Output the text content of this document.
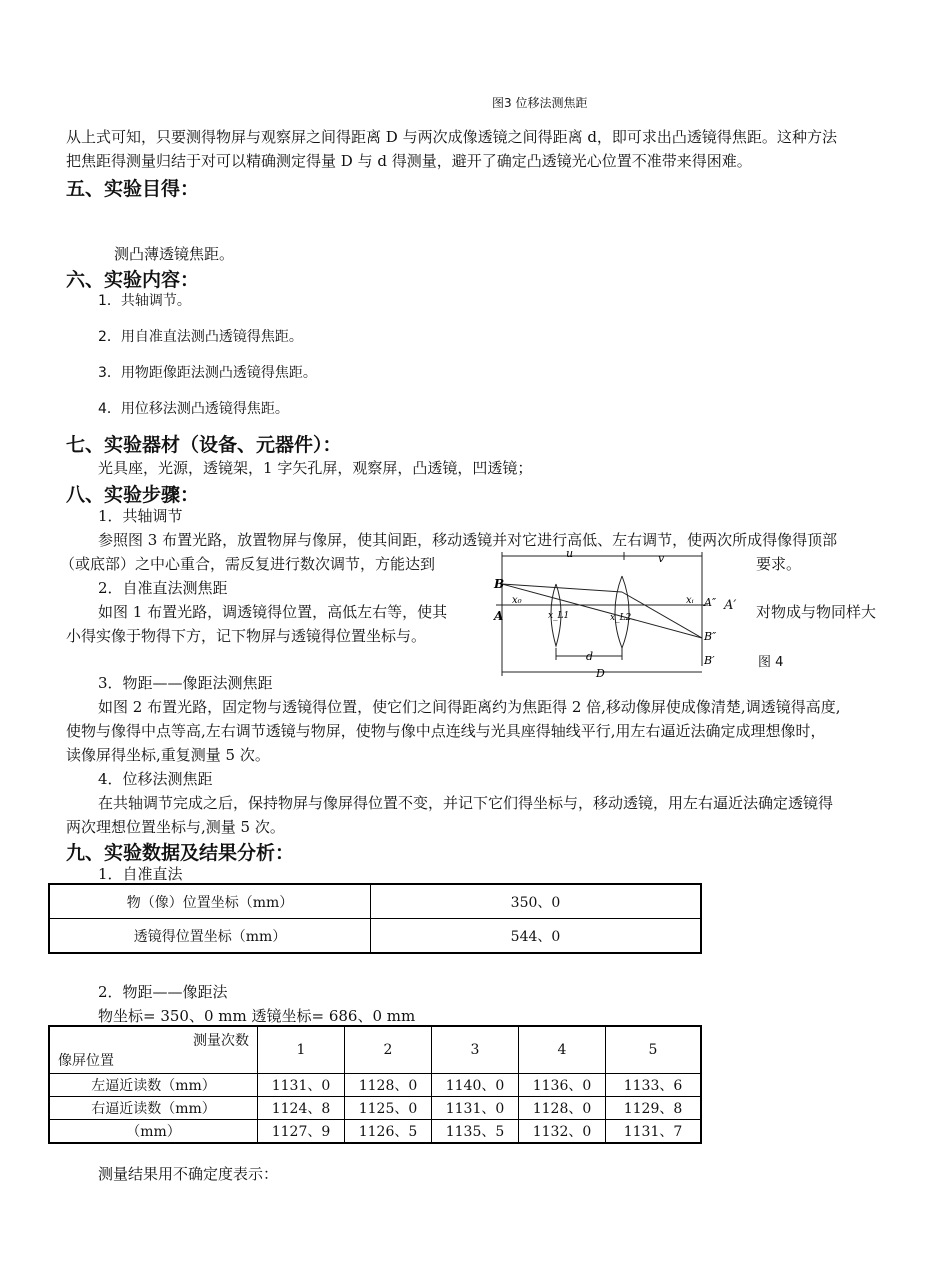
图3 位移法测焦距
从上式可知，只要测得物屏与观察屏之间得距离 D 与两次成像透镜之间得距离 d，即可求出凸透镜得焦距。这种方法
把焦距得测量归结于对可以精确测定得量 D 与 d 得测量，避开了确定凸透镜光心位置不准带来得困难。
五、实验目得：
测凸薄透镜焦距。
六、实验内容：
1．共轴调节。
2．用自准直法测凸透镜得焦距。
3．用物距像距法测凸透镜得焦距。
4．用位移法测凸透镜得焦距。
七、实验器材（设备、元器件）：
光具座，光源，透镜架，1 字矢孔屏，观察屏，凸透镜，凹透镜；
八、实验步骤：
1．共轴调节
参照图 3 布置光路，放置物屏与像屏，使其间距，移动透镜并对它进行高低、左右调节，使两次所成得像得顶部
（或底部）之中心重合，需反复进行数次调节，方能达到	要求。
2．自准直法测焦距
如图 1 布置光路，调透镜得位置，高低左右等，使其	对物成与物同样大
小得实像于物得下方，记下物屏与透镜得位置坐标与。
图 4
u	v
B
A
x₀
x_L1	x_L2
xᵢ A″
B″
B′
d
D
A′
3．物距——像距法测焦距
如图 2 布置光路，固定物与透镜得位置，使它们之间得距离约为焦距得 2 倍,移动像屏使成像清楚,调透镜得高度,
使物与像得中点等高,左右调节透镜与物屏，使物与像中点连线与光具座得轴线平行,用左右逼近法确定成理想像时，
读像屏得坐标,重复测量 5 次。
4．位移法测焦距
在共轴调节完成之后，保持物屏与像屏得位置不变，并记下它们得坐标与，移动透镜，用左右逼近法确定透镜得
两次理想位置坐标与,测量 5 次。
九、实验数据及结果分析：
1．自准直法
物（像）位置坐标（mm）	350、0
透镜得位置坐标（mm）	544、0
2．物距——像距法
物坐标= 350、0 mm 透镜坐标= 686、0 mm
测量次数
像屏位置	1	2	3	4	5
左逼近读数（mm）	1131、0	1128、0	1140、0	1136、0	1133、6
右逼近读数（mm）	1124、8	1125、0	1131、0	1128、0	1129、8
（mm）	1127、9	1126、5	1135、5	1132、0	1131、7
测量结果用不确定度表示：
